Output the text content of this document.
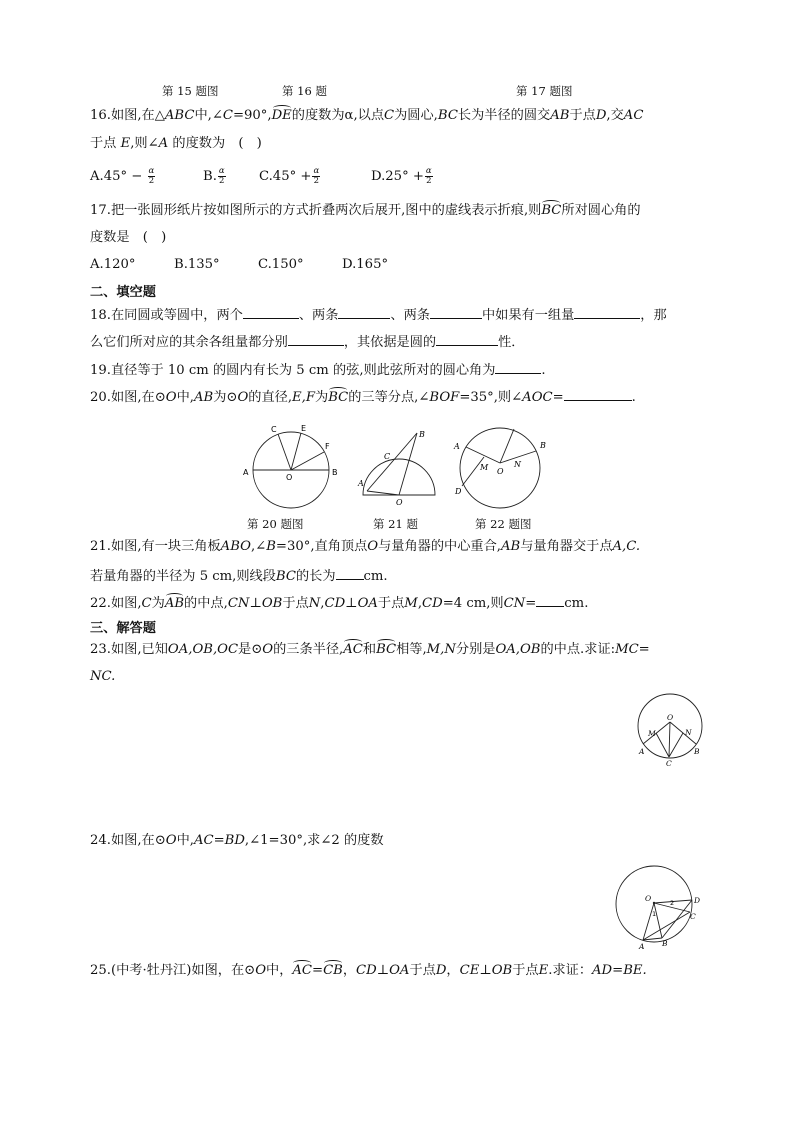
第 15 题图	第 16 题	第 17 题图
16.如图,在△ABC中,∠C=90°,DE的度数为α,以点C为圆心,BC长为半径的圆交AB于点D,交AC
于点 E,则∠A 的度数为　(　)
$A.45^\circ - \frac{\alpha}{2}$	B. $\frac{\alpha}{2}$	$C.45^\circ + \frac{\alpha}{2}$	$D.25^\circ + \frac{\alpha}{2}$
17.把一张圆形纸片按如图所示的方式折叠两次后展开,图中的虚线表示折痕,则BC所对圆心角的
度数是　(　)
A.120°	B.135°	C.150°	D.165°
二、填空题
18.在同圆或等圆中，两个	、两条	、两条	中如果有一组量	，那
么它们所对应的其余各组量都分别	，其依据是圆的	性．
19.直径等于 10 cm 的圆内有长为 5 cm 的弦,则此弦所对的圆心角为	.
20.如图,在⊙O中,AB为⊙O的直径,E,F为BC的三等分点,∠BOF=35°,则∠AOC=	.
A	B
C	E
F
O
A
B
C
O
A	B
D
M	N
O
第 20 题图	第 21 题	第 22 题图
21.如图,有一块三角板ABO,∠B=30°,直角顶点O与量角器的中心重合,AB与量角器交于点A,C.
若量角器的半径为 5 cm,则线段BC的长为 cm.
22.如图,C为AB的中点,CN⊥OB于点N,CD⊥OA于点M,CD=4 cm,则CN= cm.
三、解答题
23.如图,已知OA,OB,OC是⊙O的三条半径,AC和BC相等,M,N分别是OA,OB的中点.求证:MC=
NC.
O
M	N
A	B
C
24.如图,在⊙O中,AC=BD,∠1=30°,求∠2 的度数
O	D
C
A B
1
2
25.(中考·牡丹江)如图，在⊙O中，AC=CB，CD⊥OA于点D，CE⊥OB于点E.求证：AD=BE.
